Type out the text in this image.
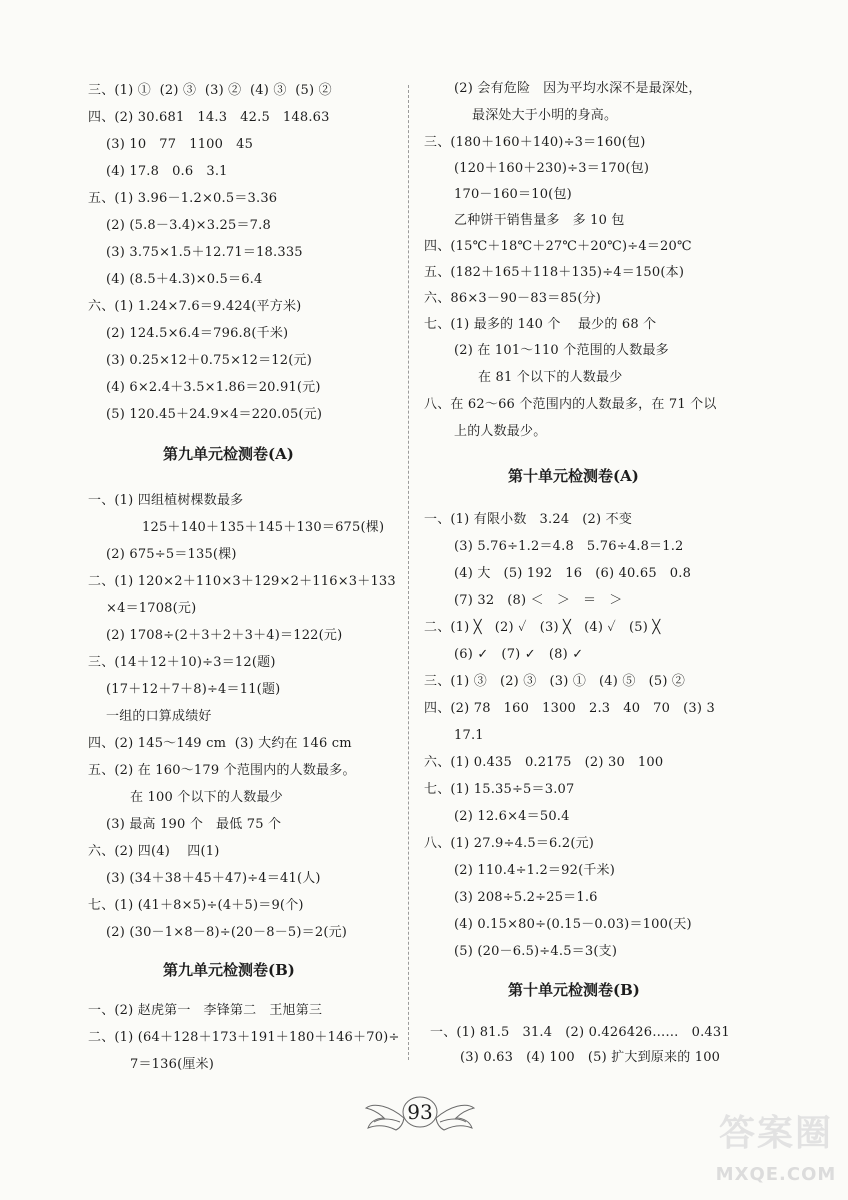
三、(1) ①  (2) ③  (3) ②  (4) ③  (5) ②
四、(2) 30.681   14.3   42.5   148.63
(3) 10   77   1100   45
(4) 17.8   0.6   3.1
五、(1) 3.96－1.2×0.5＝3.36
(2) (5.8－3.4)×3.25＝7.8
(3) 3.75×1.5＋12.71＝18.335
(4) (8.5＋4.3)×0.5＝6.4
六、(1) 1.24×7.6＝9.424(平方米)
(2) 124.5×6.4＝796.8(千米)
(3) 0.25×12＋0.75×12＝12(元)
(4) 6×2.4＋3.5×1.86＝20.91(元)
(5) 120.45＋24.9×4＝220.05(元)
第九单元检测卷(A)
一、(1) 四组植树棵数最多
125＋140＋135＋145＋130＝675(棵)
(2) 675÷5＝135(棵)
二、(1) 120×2＋110×3＋129×2＋116×3＋133
×4＝1708(元)
(2) 1708÷(2＋3＋2＋3＋4)＝122(元)
三、(14＋12＋10)÷3＝12(题)
(17＋12＋7＋8)÷4＝11(题)
一组的口算成绩好
四、(2) 145～149 cm  (3) 大约在 146 cm
五、(2) 在 160～179 个范围内的人数最多。
在 100 个以下的人数最少
(3) 最高 190 个   最低 75 个
六、(2) 四(4)    四(1)
(3) (34＋38＋45＋47)÷4＝41(人)
七、(1) (41＋8×5)÷(4＋5)＝9(个)
(2) (30－1×8－8)÷(20－8－5)＝2(元)
第九单元检测卷(B)
一、(2) 赵虎第一   李锋第二   王旭第三
二、(1) (64＋128＋173＋191＋180＋146＋70)÷
7＝136(厘米)
(2) 会有危险   因为平均水深不是最深处，
最深处大于小明的身高。
三、(180＋160＋140)÷3＝160(包)
(120＋160＋230)÷3＝170(包)
170－160＝10(包)
乙种饼干销售量多   多 10 包
四、(15℃＋18℃＋27℃＋20℃)÷4＝20℃
五、(182＋165＋118＋135)÷4＝150(本)
六、86×3－90－83＝85(分)
七、(1) 最多的 140 个    最少的 68 个
(2) 在 101～110 个范围的人数最多
在 81 个以下的人数最少
八、在 62～66 个范围内的人数最多，在 71 个以
上的人数最少。
第十单元检测卷(A)
一、(1) 有限小数   3.24   (2) 不变
(3) 5.76÷1.2＝4.8   5.76÷4.8＝1.2
(4) 大   (5) 192   16   (6) 40.65   0.8
(7) 32   (8) ＜   ＞   ＝   ＞
二、(1) ╳   (2) ✓   (3) ╳   (4) ✓   (5) ╳
(6) ✓   (7) ✓   (8) ✓
三、(1) ③   (2) ③   (3) ①   (4) ⑤   (5) ②
四、(2) 78   160   1300   2.3   40   70   (3) 3
17.1
六、(1) 0.435   0.2175   (2) 30   100
七、(1) 15.35÷5＝3.07
(2) 12.6×4＝50.4
八、(1) 27.9÷4.5＝6.2(元)
(2) 110.4÷1.2＝92(千米)
(3) 208÷5.2÷25＝1.6
(4) 0.15×80÷(0.15－0.03)＝100(天)
(5) (20－6.5)÷4.5＝3(支)
第十单元检测卷(B)
一、(1) 81.5   31.4   (2) 0.426426……   0.431
(3) 0.63   (4) 100   (5) 扩大到原来的 100
93
答案圈
MXQE.COM
